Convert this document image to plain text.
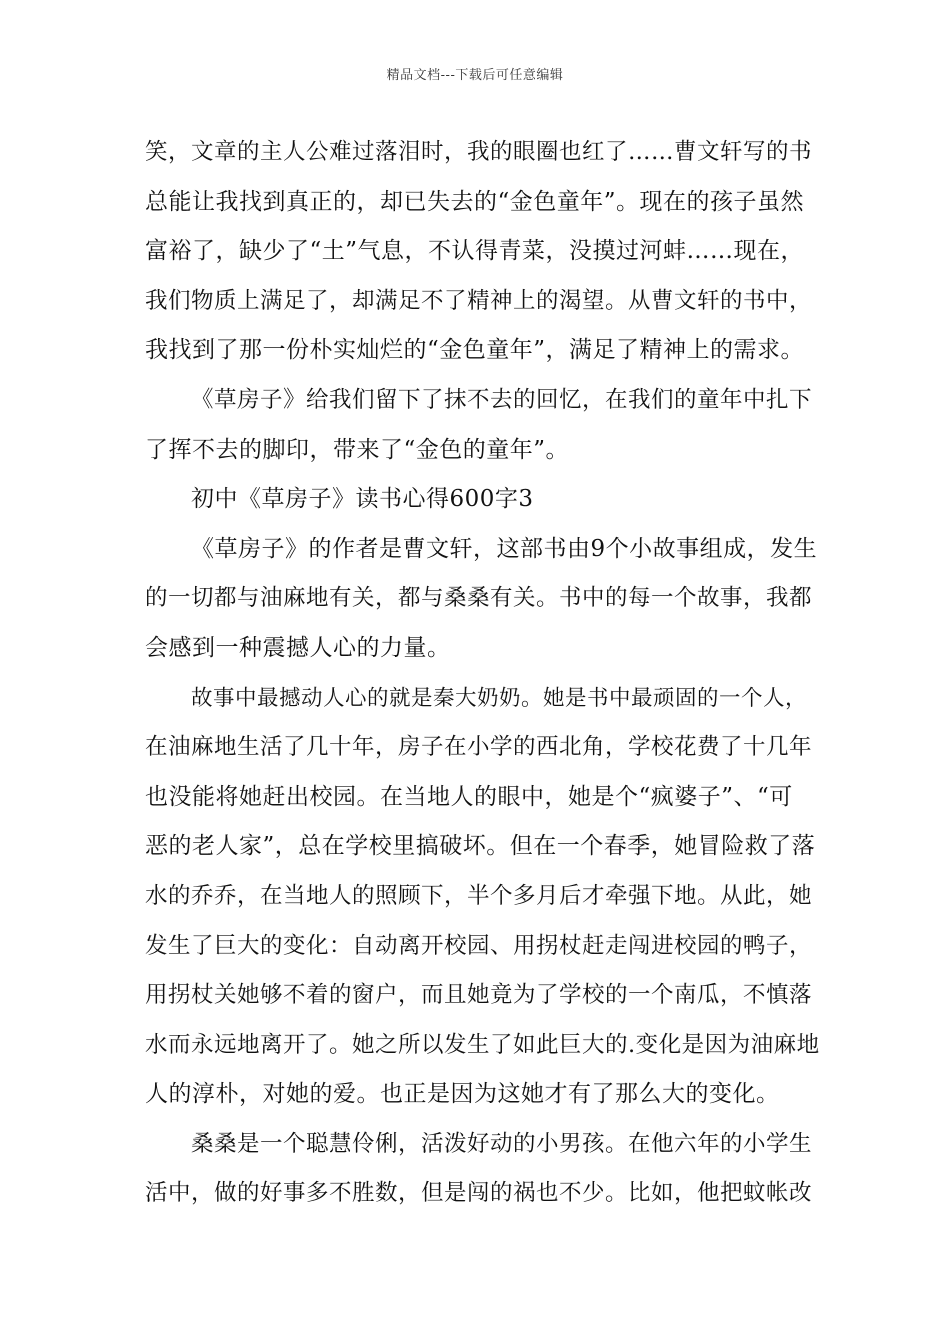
精品文档---下载后可任意编辑
笑，文章的主人公难过落泪时，我的眼圈也红了……曹文轩写的书
总能让我找到真正的，却已失去的“金色童年”。现在的孩子虽然
富裕了，缺少了“土”气息，不认得青菜，没摸过河蚌……现在，
我们物质上满足了，却满足不了精神上的渴望。从曹文轩的书中，
我找到了那一份朴实灿烂的“金色童年”，满足了精神上的需求。
《草房子》给我们留下了抹不去的回忆，在我们的童年中扎下
了挥不去的脚印，带来了“金色的童年”。
初中《草房子》读书心得600字3
《草房子》的作者是曹文轩，这部书由9个小故事组成，发生
的一切都与油麻地有关，都与桑桑有关。书中的每一个故事，我都
会感到一种震撼人心的力量。
故事中最撼动人心的就是秦大奶奶。她是书中最顽固的一个人，
在油麻地生活了几十年，房子在小学的西北角，学校花费了十几年
也没能将她赶出校园。在当地人的眼中，她是个“疯婆子”、“可
恶的老人家”，总在学校里搞破坏。但在一个春季，她冒险救了落
水的乔乔，在当地人的照顾下，半个多月后才牵强下地。从此，她
发生了巨大的变化：自动离开校园、用拐杖赶走闯进校园的鸭子，
用拐杖关她够不着的窗户，而且她竟为了学校的一个南瓜，不慎落
水而永远地离开了。她之所以发生了如此巨大的.变化是因为油麻地
人的淳朴，对她的爱。也正是因为这她才有了那么大的变化。
桑桑是一个聪慧伶俐，活泼好动的小男孩。在他六年的小学生
活中，做的好事多不胜数，但是闯的祸也不少。比如，他把蚊帐改
